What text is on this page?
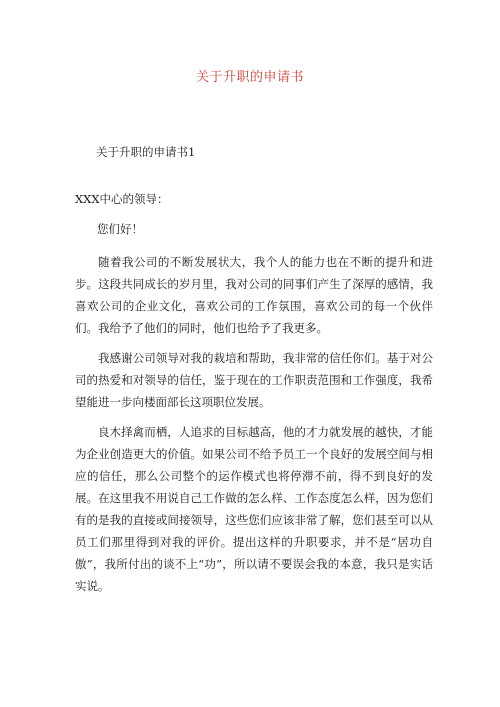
关于升职的申请书
关于升职的申请书1
XXX中心的领导：
您们好！

随着我公司的不断发展状大，我个人的能力也在不断的提升和进步。这段共同成长的岁月里，我对公司的同事们产生了深厚的感情，我喜欢公司的企业文化，喜欢公司的工作氛围，喜欢公司的每一个伙伴们。我给予了他们的同时，他们也给予了我更多。

我感谢公司领导对我的栽培和帮助，我非常的信任你们。基于对公司的热爱和对领导的信任，鉴于现在的工作职责范围和工作强度，我希望能进一步向楼面部长这项职位发展。

良木择禽而栖，人追求的目标越高，他的才力就发展的越快，才能为企业创造更大的价值。如果公司不给予员工一个良好的发展空间与相应的信任，那么公司整个的运作模式也将停滞不前，得不到良好的发展。在这里我不用说自己工作做的怎么样、工作态度怎么样，因为您们有的是我的直接或间接领导，这些您们应该非常了解，您们甚至可以从员工们那里得到对我的评价。提出这样的升职要求，并不是“居功自傲”，我所付出的谈不上“功”，所以请不要误会我的本意，我只是实话实说。
